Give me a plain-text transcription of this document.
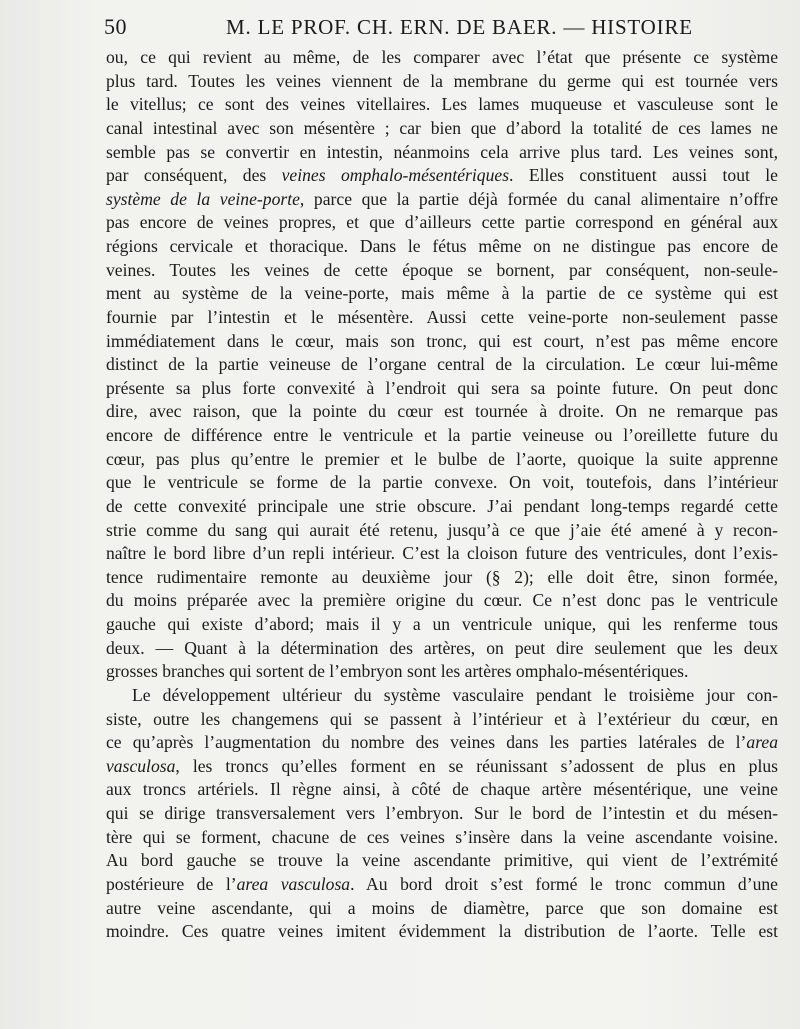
50	M. LE PROF. CH. ERN. DE BAER. — HISTOIRE
ou, ce qui revient au même, de les comparer avec l’état que présente ce système
plus tard. Toutes les veines viennent de la membrane du germe qui est tournée vers
le vitellus; ce sont des veines vitellaires. Les lames muqueuse et vasculeuse sont le
canal intestinal avec son mésentère ; car bien que d’abord la totalité de ces lames ne
semble pas se convertir en intestin, néanmoins cela arrive plus tard. Les veines sont,
par conséquent, des veines omphalo-mésentériques. Elles constituent aussi tout le
système de la veine-porte, parce que la partie déjà formée du canal alimentaire n’offre
pas encore de veines propres, et que d’ailleurs cette partie correspond en général aux
régions cervicale et thoracique. Dans le fétus même on ne distingue pas encore de
veines. Toutes les veines de cette époque se bornent, par conséquent, non-seule-
ment au système de la veine-porte, mais même à la partie de ce système qui est
fournie par l’intestin et le mésentère. Aussi cette veine-porte non-seulement passe
immédiatement dans le cœur, mais son tronc, qui est court, n’est pas même encore
distinct de la partie veineuse de l’organe central de la circulation. Le cœur lui-même
présente sa plus forte convexité à l’endroit qui sera sa pointe future. On peut donc
dire, avec raison, que la pointe du cœur est tournée à droite. On ne remarque pas
encore de différence entre le ventricule et la partie veineuse ou l’oreillette future du
cœur, pas plus qu’entre le premier et le bulbe de l’aorte, quoique la suite apprenne
que le ventricule se forme de la partie convexe. On voit, toutefois, dans l’intérieur
de cette convexité principale une strie obscure. J’ai pendant long-temps regardé cette
strie comme du sang qui aurait été retenu, jusqu’à ce que j’aie été amené à y recon-
naître le bord libre d’un repli intérieur. C’est la cloison future des ventricules, dont l’exis-
tence rudimentaire remonte au deuxième jour (§ 2); elle doit être, sinon formée,
du moins préparée avec la première origine du cœur. Ce n’est donc pas le ventricule
gauche qui existe d’abord; mais il y a un ventricule unique, qui les renferme tous
deux. — Quant à la détermination des artères, on peut dire seulement que les deux
grosses branches qui sortent de l’embryon sont les artères omphalo-mésentériques.
Le développement ultérieur du système vasculaire pendant le troisième jour con-
siste, outre les changemens qui se passent à l’intérieur et à l’extérieur du cœur, en
ce qu’après l’augmentation du nombre des veines dans les parties latérales de l’area
vasculosa, les troncs qu’elles forment en se réunissant s’adossent de plus en plus
aux troncs artériels. Il règne ainsi, à côté de chaque artère mésentérique, une veine
qui se dirige transversalement vers l’embryon. Sur le bord de l’intestin et du mésen-
tère qui se forment, chacune de ces veines s’insère dans la veine ascendante voisine.
Au bord gauche se trouve la veine ascendante primitive, qui vient de l’extrémité
postérieure de l’area vasculosa. Au bord droit s’est formé le tronc commun d’une
autre veine ascendante, qui a moins de diamètre, parce que son domaine est
moindre. Ces quatre veines imitent évidemment la distribution de l’aorte. Telle est
